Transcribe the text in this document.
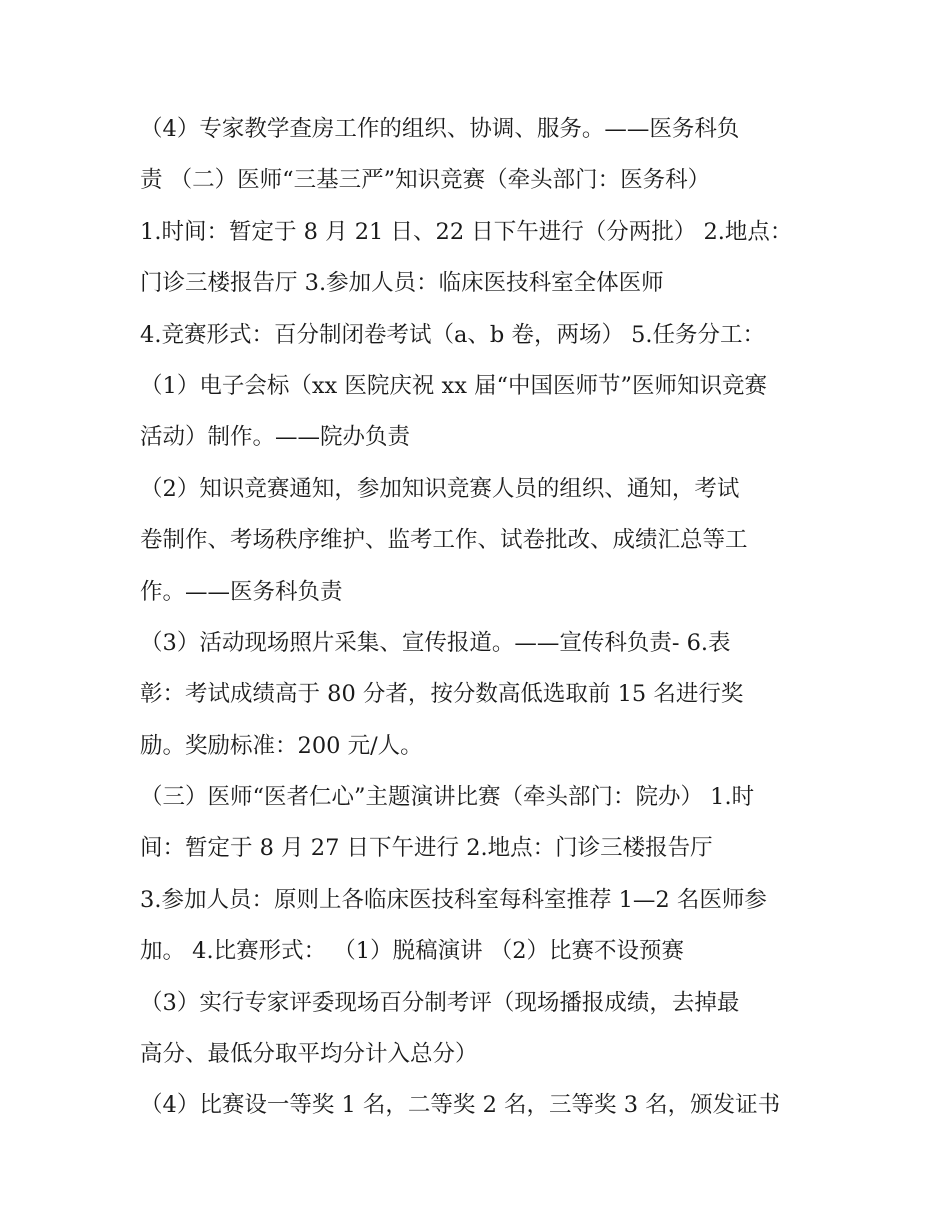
（4）专家教学查房工作的组织、协调、服务。——医务科负
责 （二）医师“三基三严”知识竞赛（牵头部门：医务科）
1.时间：暂定于 8 月 21 日、22 日下午进行（分两批） 2.地点：
门诊三楼报告厅 3.参加人员：临床医技科室全体医师
4.竞赛形式：百分制闭卷考试（a、b 卷，两场） 5.任务分工：
（1）电子会标（xx 医院庆祝 xx 届“中国医师节”医师知识竞赛
活动）制作。——院办负责
（2）知识竞赛通知，参加知识竞赛人员的组织、通知，考试
卷制作、考场秩序维护、监考工作、试卷批改、成绩汇总等工
作。——医务科负责
（3）活动现场照片采集、宣传报道。——宣传科负责- 6.表
彰：考试成绩高于 80 分者，按分数高低选取前 15 名进行奖
励。奖励标准：200 元/人。
（三）医师“医者仁心”主题演讲比赛（牵头部门：院办） 1.时
间：暂定于 8 月 27 日下午进行 2.地点：门诊三楼报告厅
3.参加人员：原则上各临床医技科室每科室推荐 1—2 名医师参
加。 4.比赛形式： （1）脱稿演讲 （2）比赛不设预赛
（3）实行专家评委现场百分制考评（现场播报成绩，去掉最
高分、最低分取平均分计入总分）
（4）比赛设一等奖 1 名，二等奖 2 名，三等奖 3 名，颁发证书
